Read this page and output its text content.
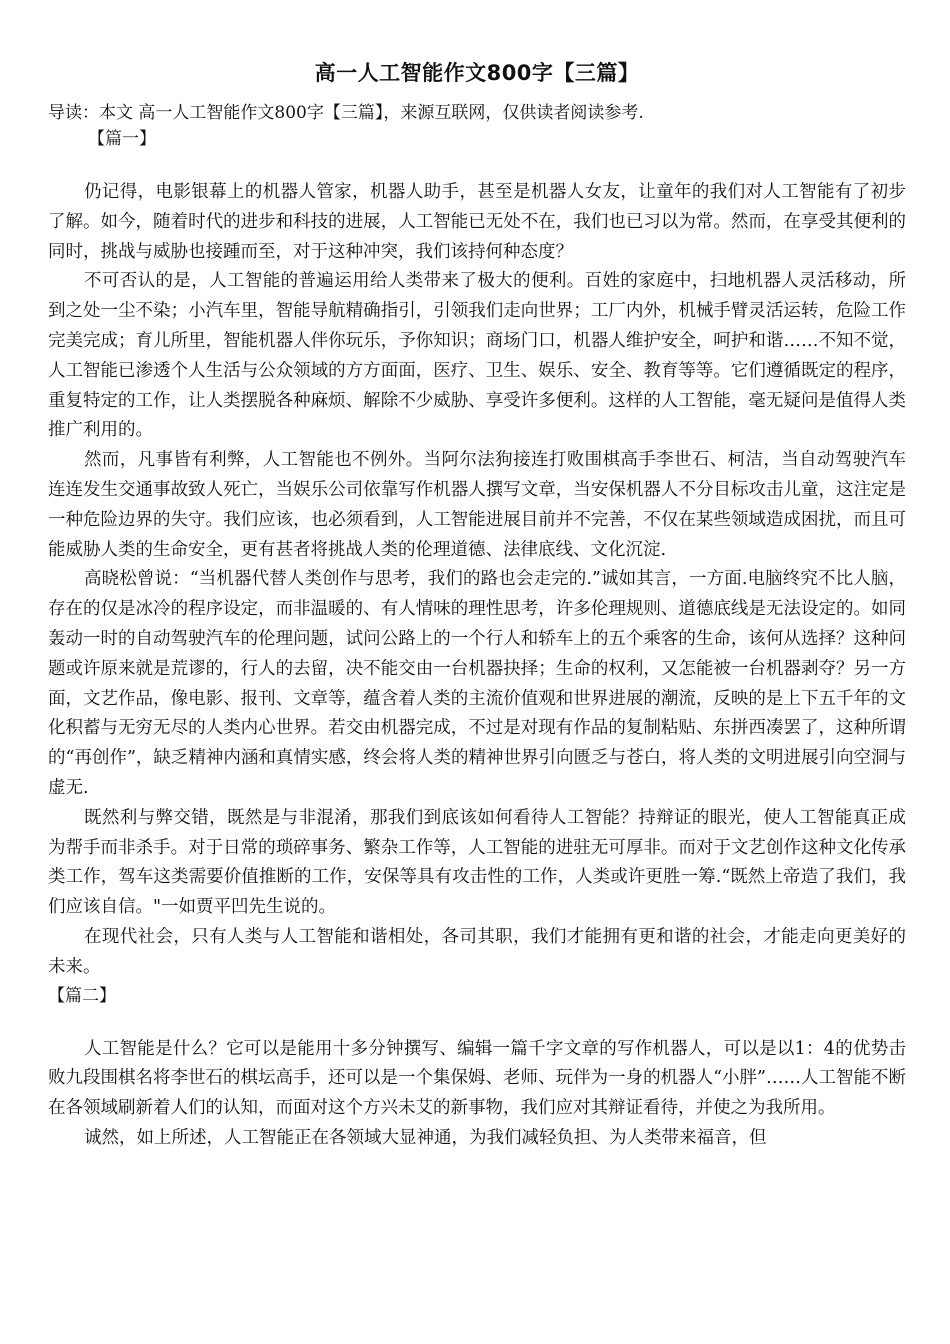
高一人工智能作文800字【三篇】

导读：本文 高一人工智能作文800字【三篇】，来源互联网，仅供读者阅读参考.

【篇一】

仍记得，电影银幕上的机器人管家，机器人助手，甚至是机器人女友，让童年的我们对人工智能有了初步了解。如今，随着时代的进步和科技的进展，人工智能已无处不在，我们也已习以为常。然而，在享受其便利的同时，挑战与威胁也接踵而至，对于这种冲突，我们该持何种态度？

不可否认的是，人工智能的普遍运用给人类带来了极大的便利。百姓的家庭中，扫地机器人灵活移动，所到之处一尘不染；小汽车里，智能导航精确指引，引领我们走向世界；工厂内外，机械手臂灵活运转，危险工作完美完成；育儿所里，智能机器人伴你玩乐，予你知识；商场门口，机器人维护安全，呵护和谐……不知不觉，人工智能已渗透个人生活与公众领域的方方面面，医疗、卫生、娱乐、安全、教育等等。它们遵循既定的程序，重复特定的工作，让人类摆脱各种麻烦、解除不少威胁、享受许多便利。这样的人工智能，毫无疑问是值得人类推广利用的。

然而，凡事皆有利弊，人工智能也不例外。当阿尔法狗接连打败围棋高手李世石、柯洁，当自动驾驶汽车连连发生交通事故致人死亡，当娱乐公司依靠写作机器人撰写文章，当安保机器人不分目标攻击儿童，这注定是一种危险边界的失守。我们应该，也必须看到，人工智能进展目前并不完善，不仅在某些领域造成困扰，而且可能威胁人类的生命安全，更有甚者将挑战人类的伦理道德、法律底线、文化沉淀.

高晓松曾说：“当机器代替人类创作与思考，我们的路也会走完的.”诚如其言，一方面.电脑终究不比人脑，存在的仅是冰冷的程序设定，而非温暖的、有人情味的理性思考，许多伦理规则、道德底线是无法设定的。如同轰动一时的自动驾驶汽车的伦理问题，试问公路上的一个行人和轿车上的五个乘客的生命，该何从选择？这种问题或许原来就是荒谬的，行人的去留，决不能交由一台机器抉择；生命的权利，又怎能被一台机器剥夺？另一方面，文艺作品，像电影、报刊、文章等，蕴含着人类的主流价值观和世界进展的潮流，反映的是上下五千年的文化积蓄与无穷无尽的人类内心世界。若交由机器完成，不过是对现有作品的复制粘贴、东拼西凑罢了，这种所谓的“再创作”，缺乏精神内涵和真情实感，终会将人类的精神世界引向匮乏与苍白，将人类的文明进展引向空洞与虚无.

既然利与弊交错，既然是与非混淆，那我们到底该如何看待人工智能？持辩证的眼光，使人工智能真正成为帮手而非杀手。对于日常的琐碎事务、繁杂工作等，人工智能的进驻无可厚非。而对于文艺创作这种文化传承类工作，驾车这类需要价值推断的工作，安保等具有攻击性的工作，人类或许更胜一筹.“既然上帝造了我们，我们应该自信。"一如贾平凹先生说的。

在现代社会，只有人类与人工智能和谐相处，各司其职，我们才能拥有更和谐的社会，才能走向更美好的未来。

【篇二】

人工智能是什么？它可以是能用十多分钟撰写、编辑一篇千字文章的写作机器人，可以是以1：4的优势击败九段围棋名将李世石的棋坛高手，还可以是一个集保姆、老师、玩伴为一身的机器人“小胖”……人工智能不断在各领域刷新着人们的认知，而面对这个方兴未艾的新事物，我们应对其辩证看待，并使之为我所用。

诚然，如上所述，人工智能正在各领域大显神通，为我们减轻负担、为人类带来福音，但
